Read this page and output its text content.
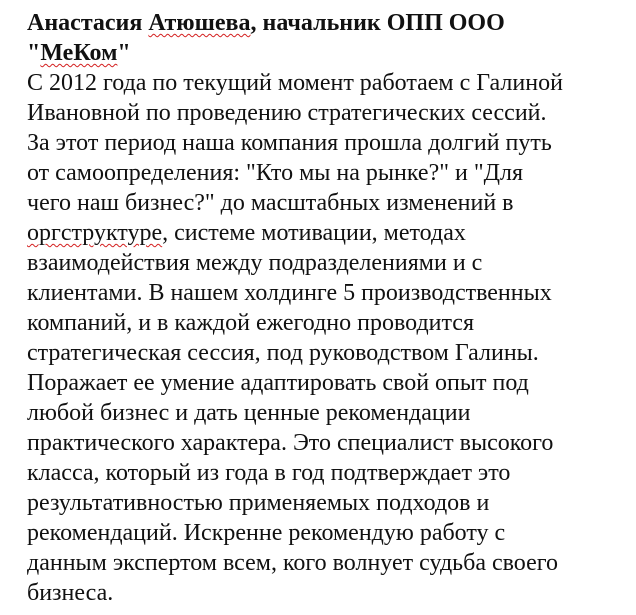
Анастасия Атюшева, начальник ОПП ООО
"МеКом"
С 2012 года по текущий момент работаем с Галиной
Ивановной по проведению стратегических сессий.
За этот период наша компания прошла долгий путь
от самоопределения: "Кто мы на рынке?" и "Для
чего наш бизнес?" до масштабных изменений в
оргструктуре, системе мотивации, методах
взаимодействия между подразделениями и с
клиентами. В нашем холдинге 5 производственных
компаний, и в каждой ежегодно проводится
стратегическая сессия, под руководством Галины.
Поражает ее умение адаптировать свой опыт под
любой бизнес и дать ценные рекомендации
практического характера. Это специалист высокого
класса, который из года в год подтверждает это
результативностью применяемых подходов и
рекомендаций. Искренне рекомендую работу с
данным экспертом всем, кого волнует судьба своего
бизнеса.
